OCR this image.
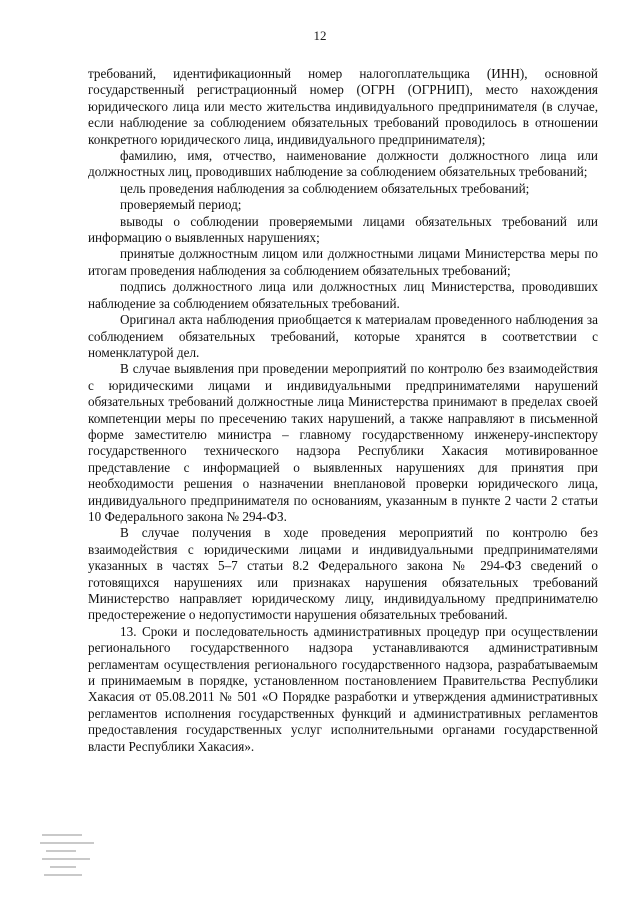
12

требований, идентификационный номер налогоплательщика (ИНН), основной государственный регистрационный номер (ОГРН (ОГРНИП), место нахождения юридического лица или место жительства индивидуального предпринимателя (в случае, если наблюдение за соблюдением обязательных требований проводилось в отношении конкретного юридического лица, индивидуального предпринимателя);

фамилию, имя, отчество, наименование должности должностного лица или должностных лиц, проводивших наблюдение за соблюдением обязательных требований;

цель проведения наблюдения за соблюдением обязательных требований;

проверяемый период;

выводы о соблюдении проверяемыми лицами обязательных требований или информацию о выявленных нарушениях;

принятые должностным лицом или должностными лицами Министерства меры по итогам проведения наблюдения за соблюдением обязательных требований;

подпись должностного лица или должностных лиц Министерства, проводивших наблюдение за соблюдением обязательных требований.

Оригинал акта наблюдения приобщается к материалам проведенного наблюдения за соблюдением обязательных требований, которые хранятся в соответствии с номенклатурой дел.

В случае выявления при проведении мероприятий по контролю без взаимодействия с юридическими лицами и индивидуальными предпринимателями нарушений обязательных требований должностные лица Министерства принимают в пределах своей компетенции меры по пресечению таких нарушений, а также направляют в письменной форме заместителю министра – главному государственному инженеру-инспектору государственного технического надзора Республики Хакасия мотивированное представление с информацией о выявленных нарушениях для принятия при необходимости решения о назначении внеплановой проверки юридического лица, индивидуального предпринимателя по основаниям, указанным в пункте 2 части 2 статьи 10 Федерального закона № 294-ФЗ.

В случае получения в ходе проведения мероприятий по контролю без взаимодействия с юридическими лицами и индивидуальными предпринимателями указанных в частях 5–7 статьи 8.2 Федерального закона № 294-ФЗ сведений о готовящихся нарушениях или признаках нарушения обязательных требований Министерство направляет юридическому лицу, индивидуальному предпринимателю предостережение о недопустимости нарушения обязательных требований.

13. Сроки и последовательность административных процедур при осуществлении регионального государственного надзора устанавливаются административным регламентам осуществления регионального государственного надзора, разрабатываемым и принимаемым в порядке, установленном постановлением Правительства Республики Хакасия от 05.08.2011 № 501 «О Порядке разработки и утверждения административных регламентов исполнения государственных функций и административных регламентов предоставления государственных услуг исполнительными органами государственной власти Республики Хакасия».
